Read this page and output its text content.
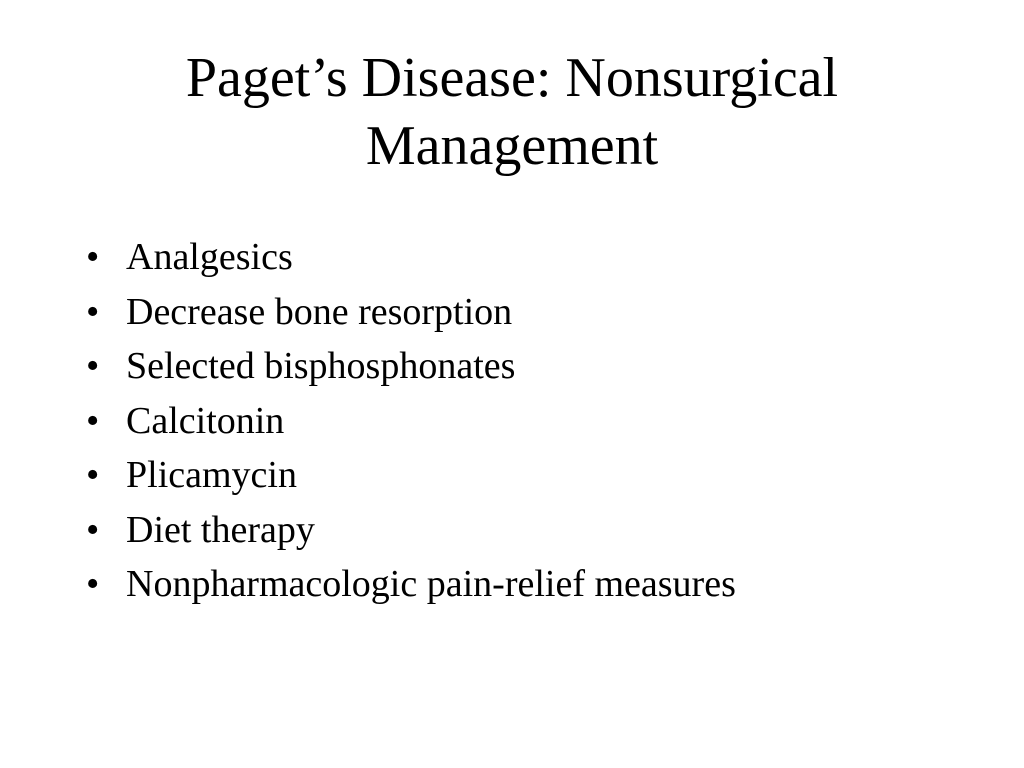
Paget’s Disease: Nonsurgical
Management
• Analgesics
• Decrease bone resorption
• Selected bisphosphonates
• Calcitonin
• Plicamycin
• Diet therapy
• Nonpharmacologic pain-relief measures
